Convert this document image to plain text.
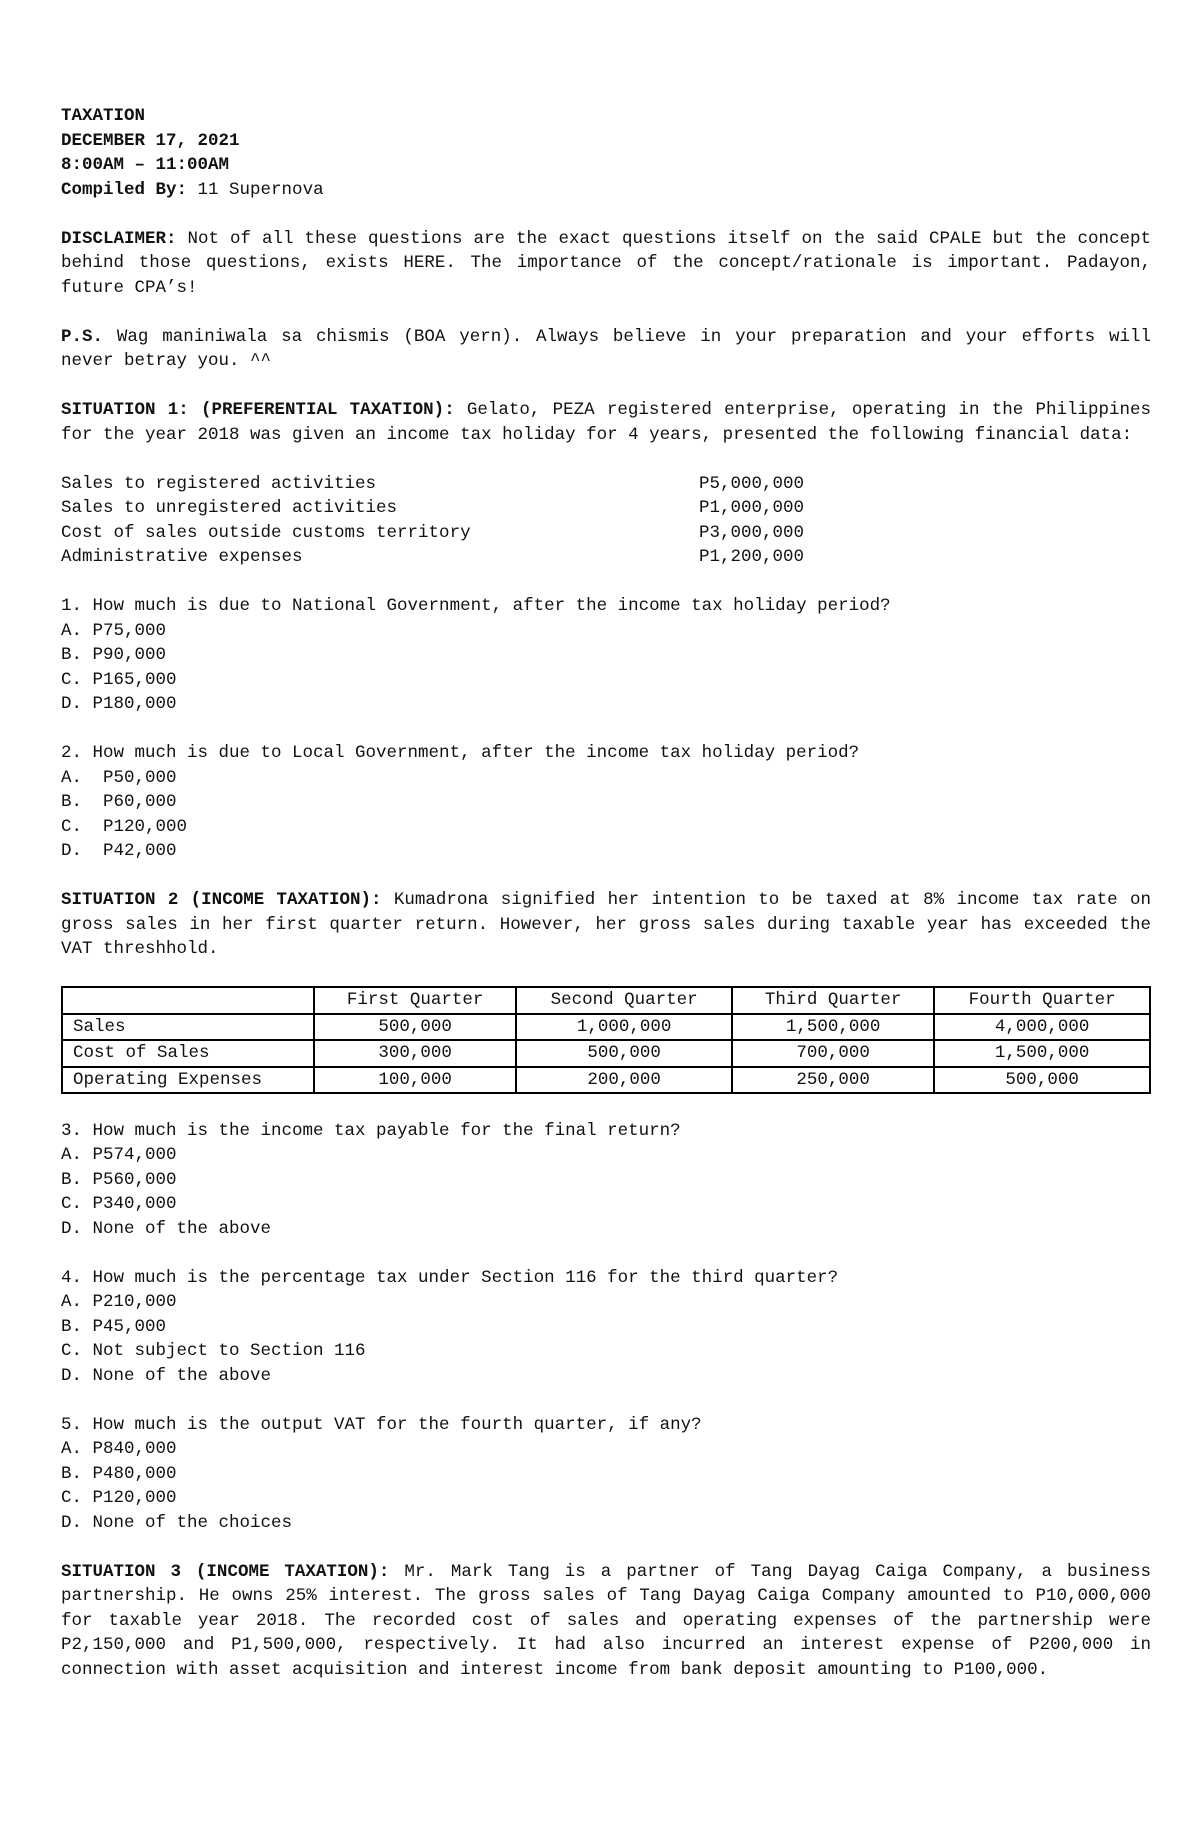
TAXATION
DECEMBER 17, 2021
8:00AM – 11:00AM
Compiled By: 11 Supernova

DISCLAIMER: Not of all these questions are the exact questions itself on the said CPALE but the concept behind those questions, exists HERE. The importance of the concept/rationale is important. Padayon, future CPA’s!

P.S. Wag maniniwala sa chismis (BOA yern). Always believe in your preparation and your efforts will never betray you. ^^

SITUATION 1: (PREFERENTIAL TAXATION): Gelato, PEZA registered enterprise, operating in the Philippines for the year 2018 was given an income tax holiday for 4 years, presented the following financial data:

Sales to registered activities	P5,000,000
Sales to unregistered activities	P1,000,000
Cost of sales outside customs territory	P3,000,000
Administrative expenses	P1,200,000
1. How much is due to National Government, after the income tax holiday period?
A. P75,000
B. P90,000
C. P165,000
D. P180,000
2. How much is due to Local Government, after the income tax holiday period?
A.  P50,000
B.  P60,000
C.  P120,000
D.  P42,000

SITUATION 2 (INCOME TAXATION): Kumadrona signified her intention to be taxed at 8% income tax rate on gross sales in her first quarter return. However, her gross sales during taxable year has exceeded the VAT threshhold.

	First Quarter	Second Quarter	Third Quarter	Fourth Quarter
Sales	500,000	1,000,000	1,500,000	4,000,000
Cost of Sales	300,000	500,000	700,000	1,500,000
Operating Expenses	100,000	200,000	250,000	500,000
3. How much is the income tax payable for the final return?
A. P574,000
B. P560,000
C. P340,000
D. None of the above
4. How much is the percentage tax under Section 116 for the third quarter?
A. P210,000
B. P45,000
C. Not subject to Section 116
D. None of the above
5. How much is the output VAT for the fourth quarter, if any?
A. P840,000
B. P480,000
C. P120,000
D. None of the choices

SITUATION 3 (INCOME TAXATION): Mr. Mark Tang is a partner of Tang Dayag Caiga Company, a business partnership. He owns 25% interest. The gross sales of Tang Dayag Caiga Company amounted to P10,000,000 for taxable year 2018. The recorded cost of sales and operating expenses of the partnership were P2,150,000 and P1,500,000, respectively. It had also incurred an interest expense of P200,000 in connection with asset acquisition and interest income from bank deposit amounting to P100,000.
